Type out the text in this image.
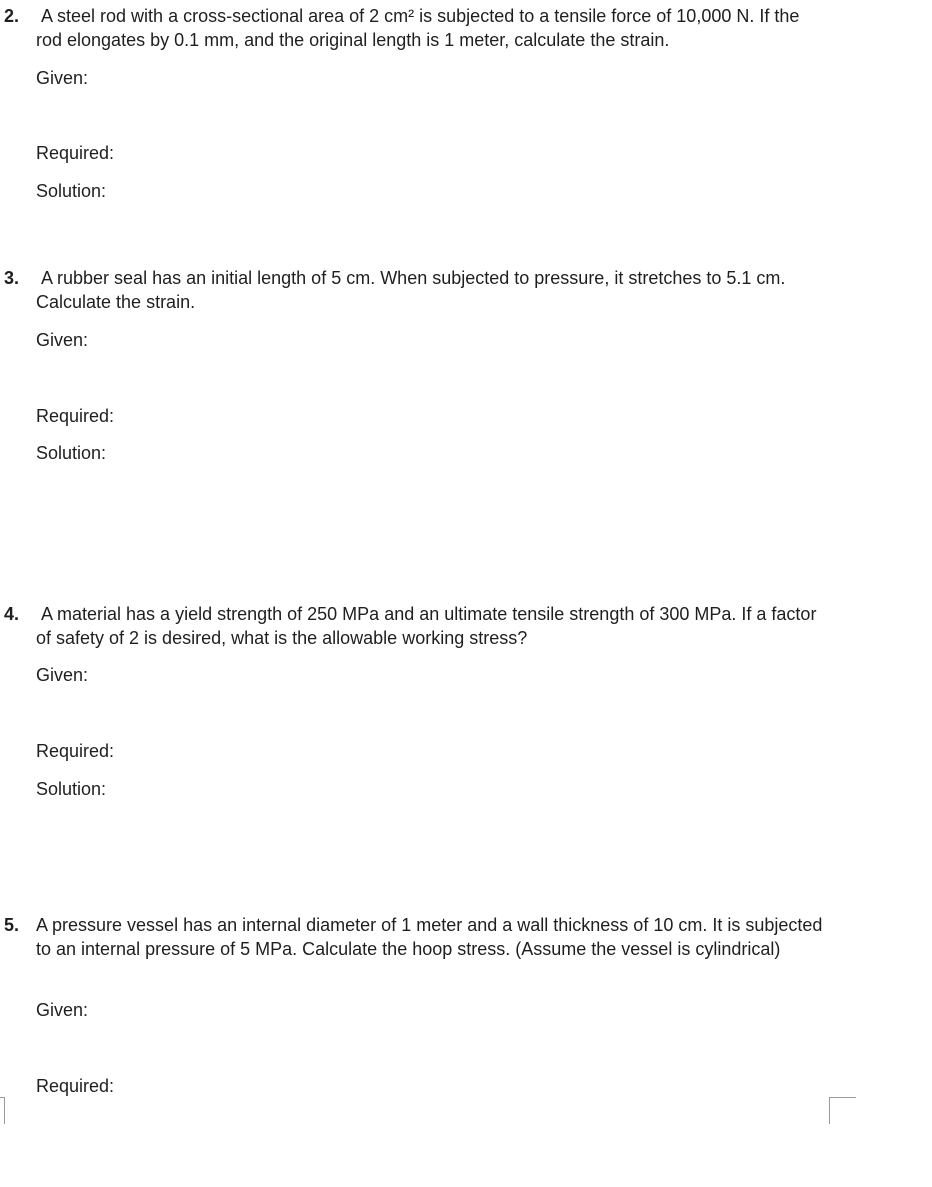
2. A steel rod with a cross-sectional area of 2 cm² is subjected to a tensile force of 10,000 N. If the rod elongates by 0.1 mm, and the original length is 1 meter, calculate the strain.
Given:
Required:
Solution:
3. A rubber seal has an initial length of 5 cm. When subjected to pressure, it stretches to 5.1 cm. Calculate the strain.
Given:
Required:
Solution:
4. A material has a yield strength of 250 MPa and an ultimate tensile strength of 300 MPa. If a factor of safety of 2 is desired, what is the allowable working stress?
Given:
Required:
Solution:
5. A pressure vessel has an internal diameter of 1 meter and a wall thickness of 10 cm. It is subjected to an internal pressure of 5 MPa. Calculate the hoop stress. (Assume the vessel is cylindrical)
Given:
Required:
